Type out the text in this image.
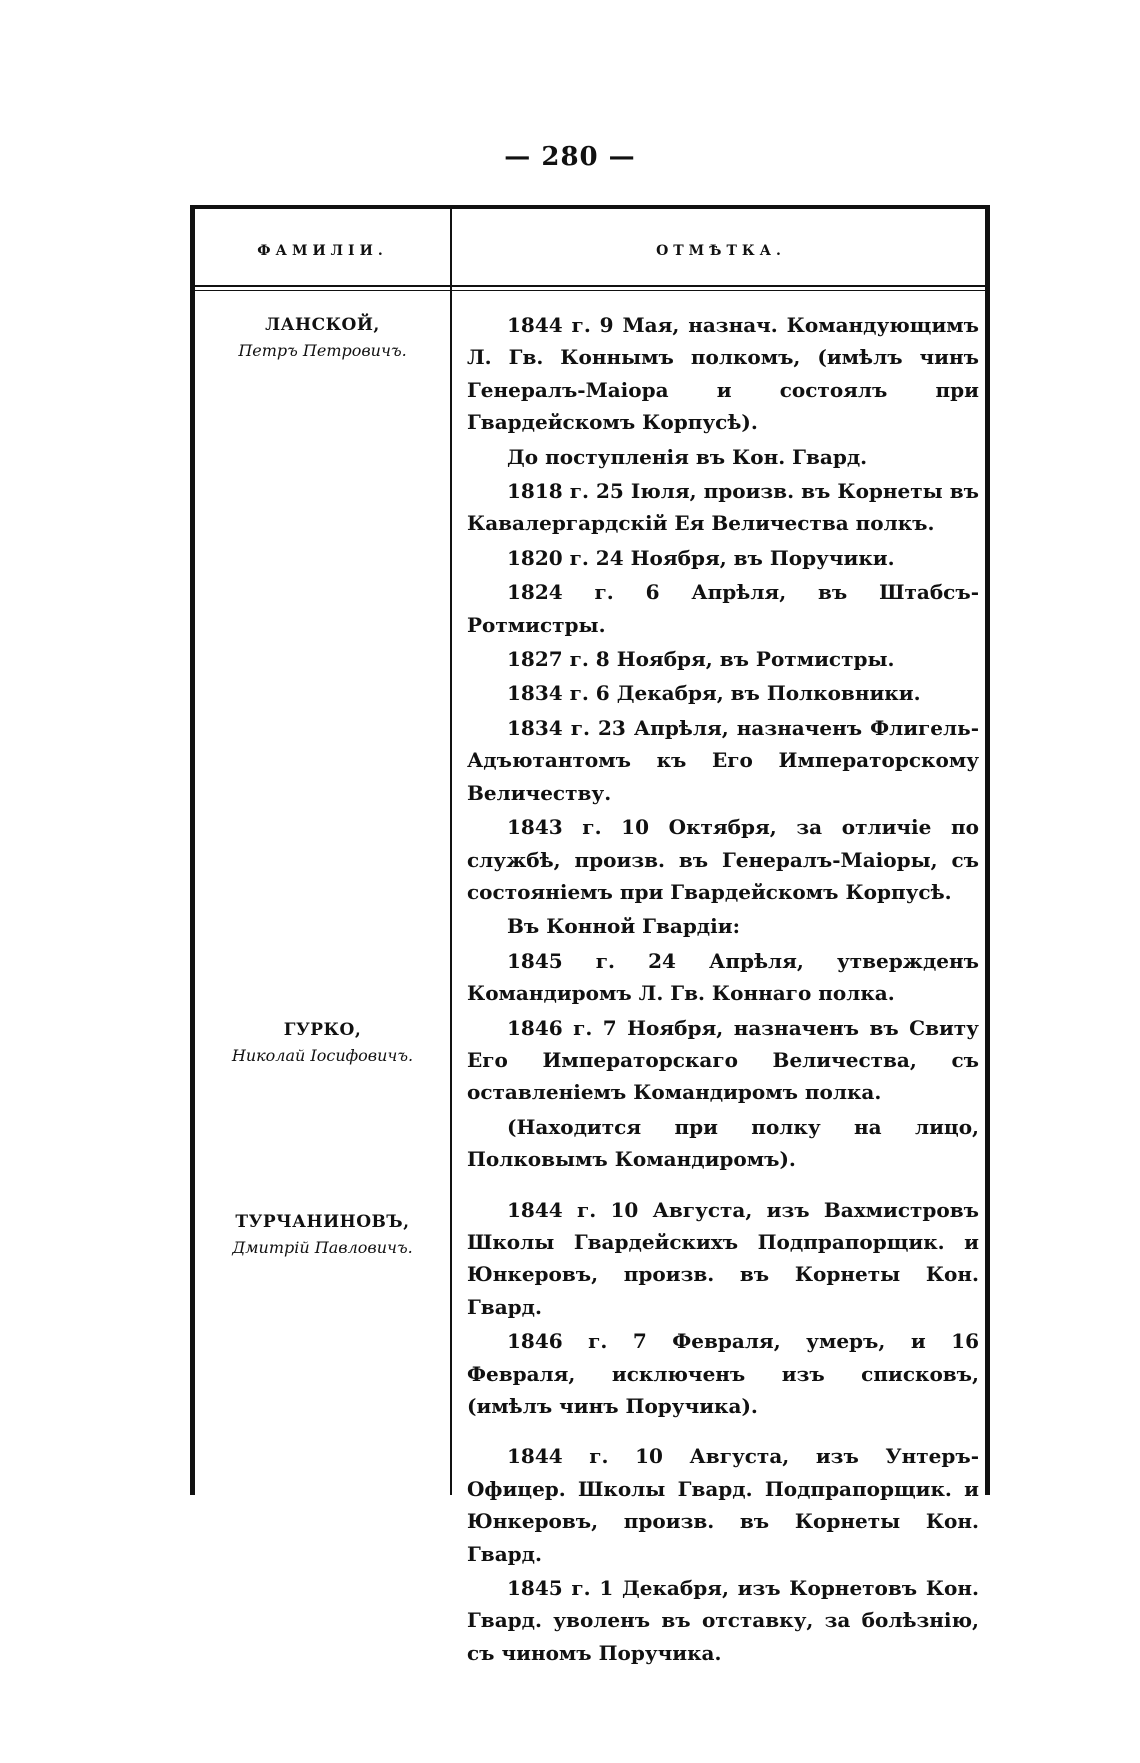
— 280 —
ФАМИЛІИ.	ОТМѢТКА.
ЛАНСКОЙ,
Петръ Петровичъ.
ГУРКО,
Николай Іосифовичъ.
ТУРЧАНИНОВЪ,
Дмитрій Павловичъ.

1844 г. 9 Мая, назнач. Командующимъ Л. Гв. Коннымъ полкомъ, (имѣлъ чинъ Генералъ-Маіора и состоялъ при Гвардейскомъ Корпусѣ).

До поступленія въ Кон. Гвард.

1818 г. 25 Іюля, произв. въ Корнеты въ Кавалергардскій Ея Величества полкъ.

1820 г. 24 Ноября, въ Поручики.

1824 г. 6 Апрѣля, въ Штабсъ-Ротмистры.

1827 г. 8 Ноября, въ Ротмистры.

1834 г. 6 Декабря, въ Полковники.

1834 г. 23 Апрѣля, назначенъ Флигель-Адъютантомъ къ Его Императорскому Величеству.

1843 г. 10 Октября, за отличіе по службѣ, произв. въ Генералъ-Маіоры, съ состояніемъ при Гвардейскомъ Корпусѣ.

Въ Конной Гвардіи:

1845 г. 24 Апрѣля, утвержденъ Командиромъ Л. Гв. Коннаго полка.

1846 г. 7 Ноября, назначенъ въ Свиту Его Императорскаго Величества, съ оставленіемъ Командиромъ полка.

(Находится при полку на лицо, Полковымъ Командиромъ).

1844 г. 10 Августа, изъ Вахмистровъ Школы Гвардейскихъ Подпрапорщик. и Юнкеровъ, произв. въ Корнеты Кон. Гвард.

1846 г. 7 Февраля, умеръ, и 16 Февраля, исключенъ изъ списковъ, (имѣлъ чинъ Поручика).

1844 г. 10 Августа, изъ Унтеръ-Офицер. Школы Гвард. Подпрапорщик. и Юнкеровъ, произв. въ Корнеты Кон. Гвард.

1845 г. 1 Декабря, изъ Корнетовъ Кон. Гвард. уволенъ въ отставку, за болѣзнію, съ чиномъ Поручика.
